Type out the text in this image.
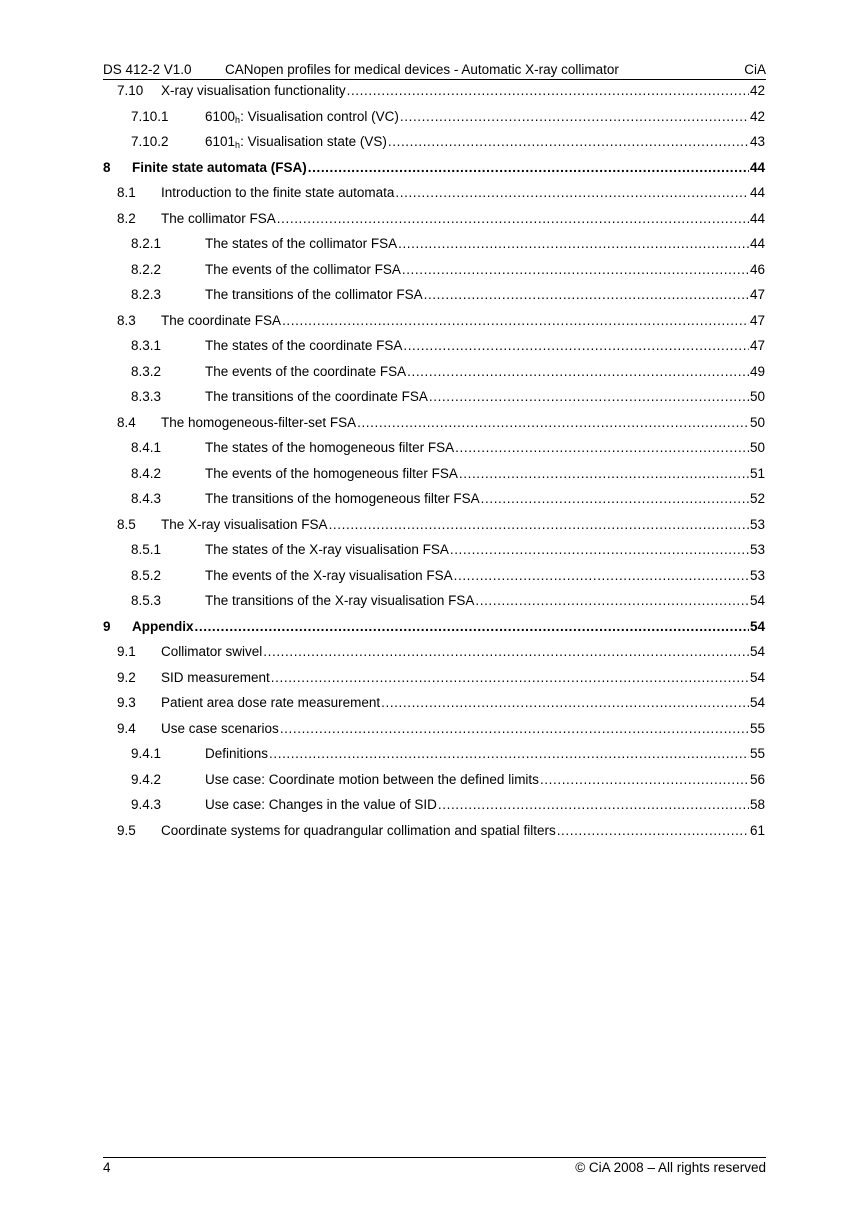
DS 412-2 V1.0 CANopen profiles for medical devices - Automatic X-ray collimator	CiA
7.10 X-ray visualisation functionality .....	42
7.10.1	$6100_h$: Visualisation control (VC) .....	42
7.10.2	$6101_h$: Visualisation state (VS) .....	43
8 Finite state automata (FSA) .....	44
8.1 Introduction to the finite state automata .....	44
8.2 The collimator FSA .....	44
8.2.1	The states of the collimator FSA .....	44
8.2.2	The events of the collimator FSA .....	46
8.2.3	The transitions of the collimator FSA .....	47
8.3 The coordinate FSA .....	47
8.3.1	The states of the coordinate FSA .....	47
8.3.2	The events of the coordinate FSA .....	49
8.3.3	The transitions of the coordinate FSA .....	50
8.4 The homogeneous-filter-set FSA .....	50
8.4.1	The states of the homogeneous filter FSA .....	50
8.4.2	The events of the homogeneous filter FSA .....	51
8.4.3	The transitions of the homogeneous filter FSA .....	52
8.5 The X-ray visualisation FSA .....	53
8.5.1	The states of the X-ray visualisation FSA .....	53
8.5.2	The events of the X-ray visualisation FSA .....	53
8.5.3	The transitions of the X-ray visualisation FSA .....	54
9 Appendix .....	54
9.1 Collimator swivel .....	54
9.2 SID measurement .....	54
9.3 Patient area dose rate measurement .....	54
9.4 Use case scenarios .....	55
9.4.1	Definitions .....	55
9.4.2	Use case: Coordinate motion between the defined limits .....	56
9.4.3	Use case: Changes in the value of SID .....	58
9.5 Coordinate systems for quadrangular collimation and spatial filters .....	61
4	© CiA 2008 – All rights reserved
